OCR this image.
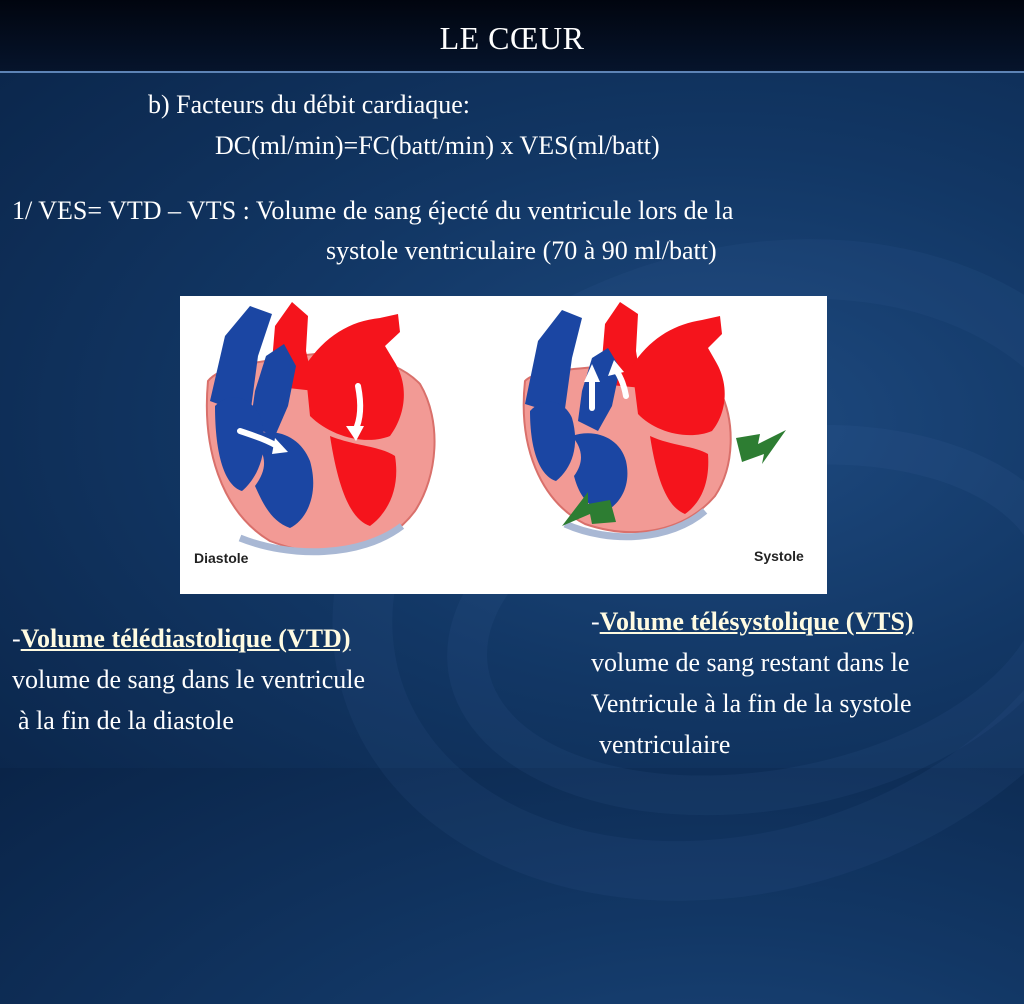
LE CŒUR
b) Facteurs du débit cardiaque:
DC(ml/min)=FC(batt/min) x VES(ml/batt)
1/ VES= VTD – VTS : Volume de sang éjecté du ventricule lors de la
systole ventriculaire (70 à 90 ml/batt)
Diastole	Systole
-Volume télédiastolique (VTD)
volume de sang dans le ventricule
à la fin de la diastole
-Volume télésystolique (VTS)
volume de sang restant dans le
Ventricule à la fin de la systole
ventriculaire
